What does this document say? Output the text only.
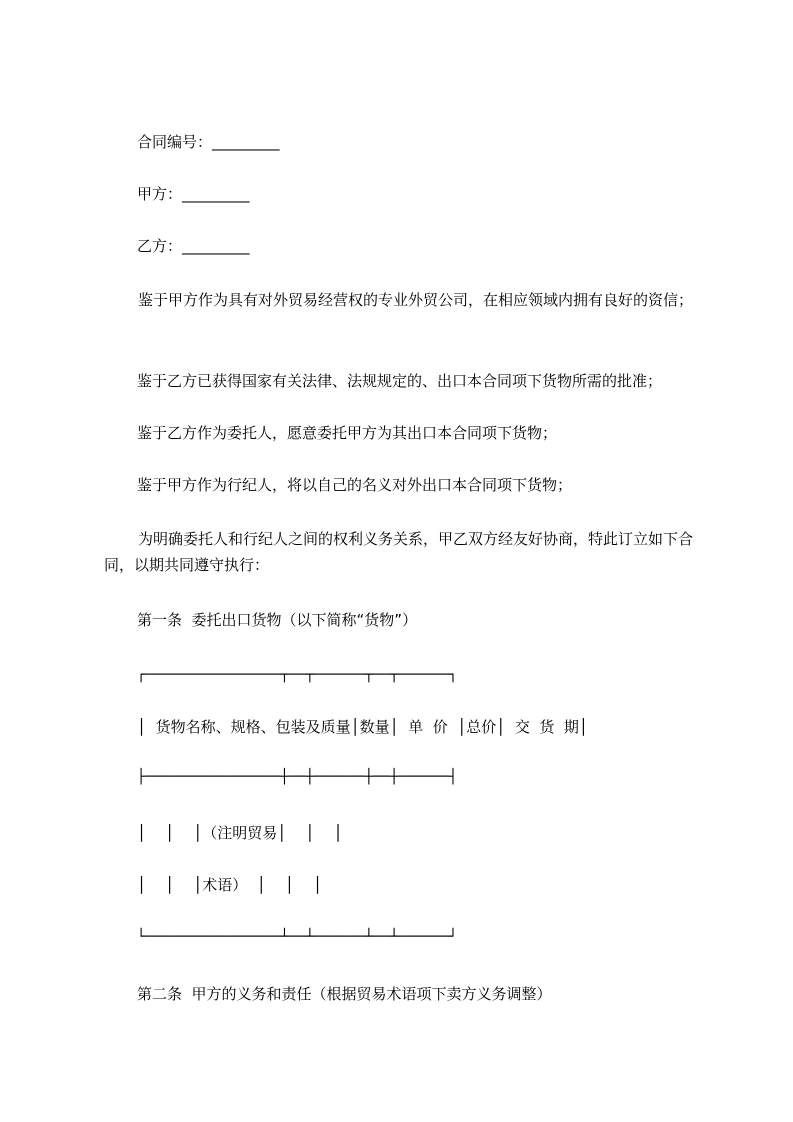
合同编号：_________
甲方：_________
乙方：_________
鉴于甲方作为具有对外贸易经营权的专业外贸公司，在相应领域内拥有良好的资信；
鉴于乙方已获得国家有关法律、法规规定的、出口本合同项下货物所需的批准；
鉴于乙方作为委托人，愿意委托甲方为其出口本合同项下货物；
鉴于甲方作为行纪人，将以自己的名义对外出口本合同项下货物；
为明确委托人和行纪人之间的权利义务关系，甲乙双方经友好协商，特此订立如下合同，以期共同遵守执行：
第一条  委托出口货物（以下简称“货物”）
┌────────────────┬──┬──────┬──┬──────┐
│  货物名称、规格、包装及质量│数量│  单  价  │总价│  交  货  期│
├────────────────┼──┼──────┼──┼──────┤
│    │    │（注明贸易│    │    │
│    │    │术语）  │    │    │
└────────────────┴──┴──────┴──┴──────┘
第二条  甲方的义务和责任（根据贸易术语项下卖方义务调整）
